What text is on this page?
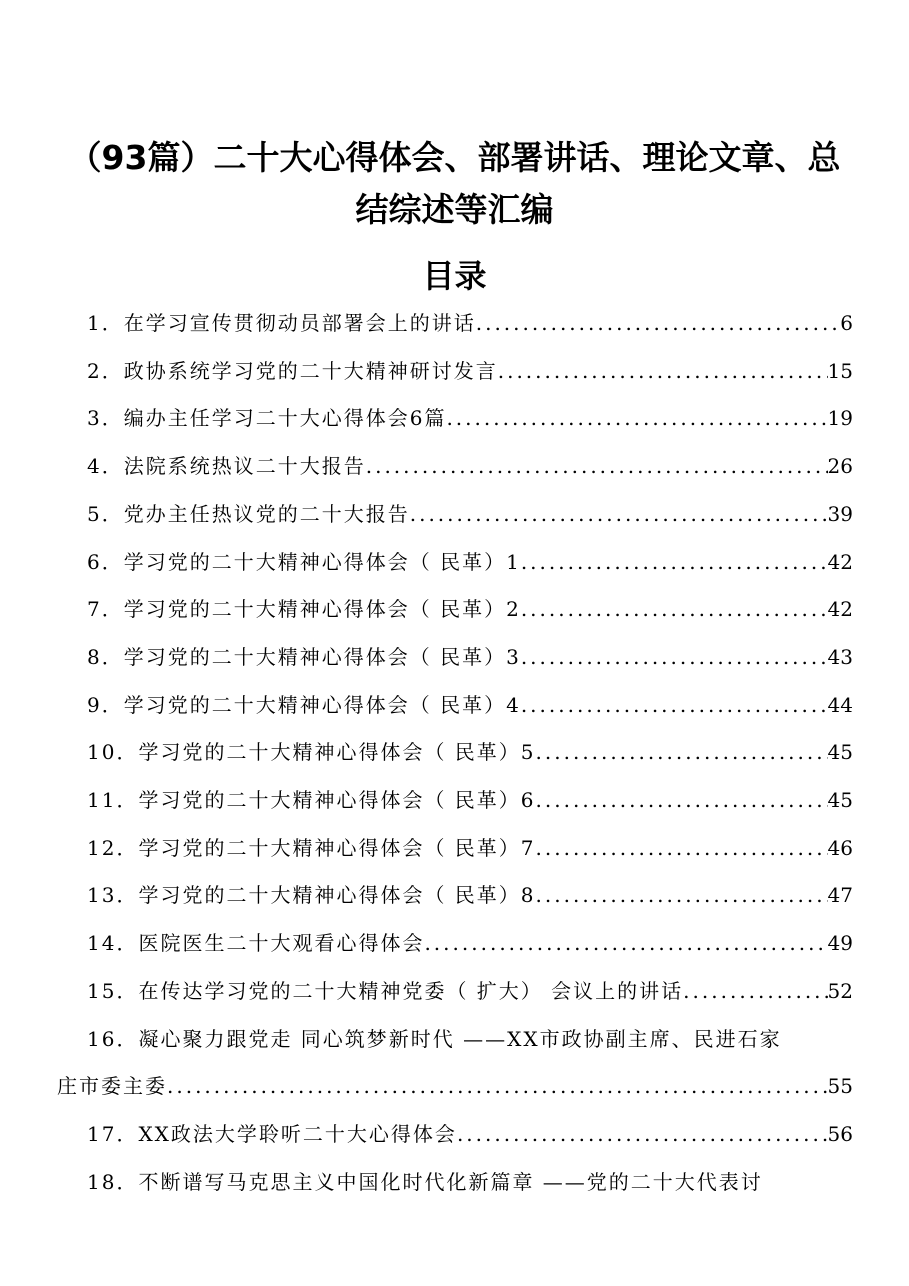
（93篇）二十大心得体会、部署讲话、理论文章、总
结综述等汇编
目录
1．在学习宣传贯彻动员部署会上的讲话 .....	6
2．政协系统学习党的二十大精神研讨发言 .....	15
3．编办主任学习二十大心得体会6篇 .....	19
4．法院系统热议二十大报告 .....	26
5．党办主任热议党的二十大报告 .....	39
6．学习党的二十大精神心得体会（ 民革）1 .....	42
7．学习党的二十大精神心得体会（ 民革）2 .....	42
8．学习党的二十大精神心得体会（ 民革）3 .....	43
9．学习党的二十大精神心得体会（ 民革）4 .....	44
10．学习党的二十大精神心得体会（ 民革）5 .....	45
11．学习党的二十大精神心得体会（ 民革）6 .....	45
12．学习党的二十大精神心得体会（ 民革）7 .....	46
13．学习党的二十大精神心得体会（ 民革）8 .....	47
14．医院医生二十大观看心得体会 .....	49
15．在传达学习党的二十大精神党委（ 扩大） 会议上的讲话 .....	52
16．凝心聚力跟党走 同心筑梦新时代 ——XX市政协副主席、民进石家
庄市委主委 .....	55
17．XX政法大学聆听二十大心得体会 .....	56
18．不断谱写马克思主义中国化时代化新篇章 ——党的二十大代表讨
